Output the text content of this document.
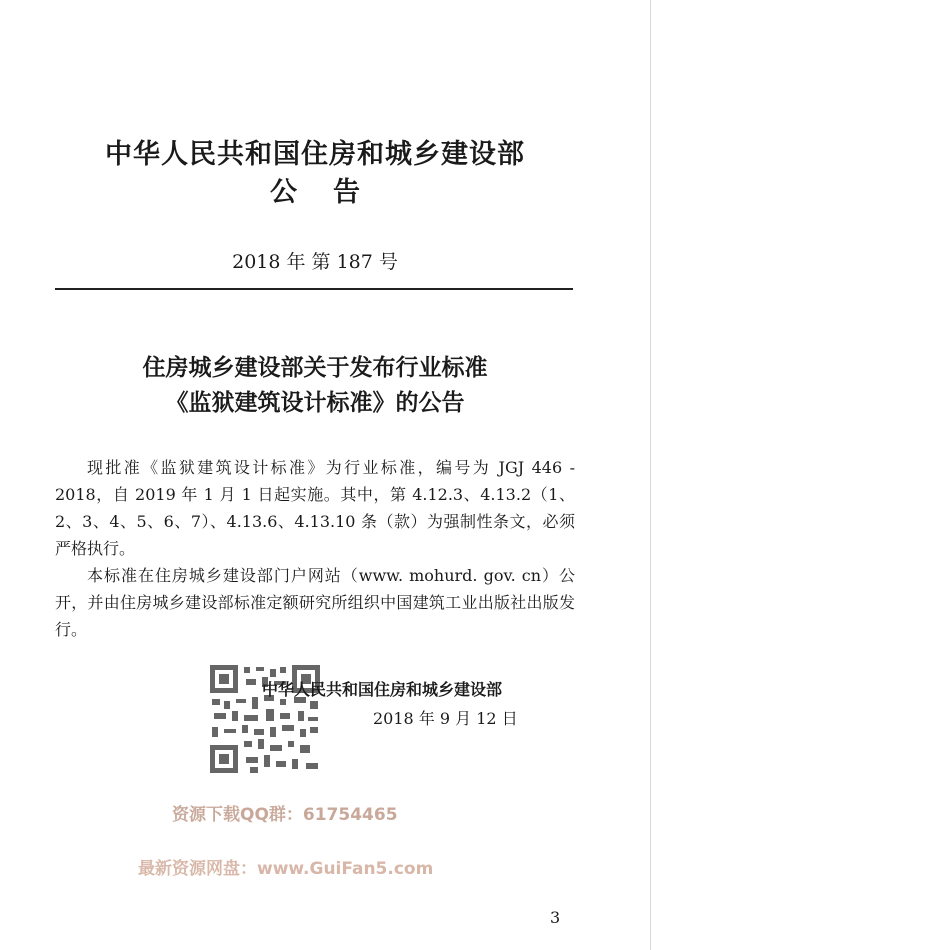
中华人民共和国住房和城乡建设部
公告

2018 年 第 187 号

住房城乡建设部关于发布行业标准
《监狱建筑设计标准》的公告

现批准《监狱建筑设计标准》为行业标准，编号为 JGJ 446 - 2018，自 2019 年 1 月 1 日起实施。其中，第 4.12.3、4.13.2（1、2、3、4、5、6、7）、4.13.6、4.13.10 条（款）为强制性条文，必须严格执行。

本标准在住房城乡建设部门户网站（www. mohurd. gov. cn）公开，并由住房城乡建设部标准定额研究所组织中国建筑工业出版社出版发行。

中华人民共和国住房和城乡建设部

2018 年 9 月 12 日

资源下载QQ群：61754465

最新资源网盘：www.GuiFan5.com

3
